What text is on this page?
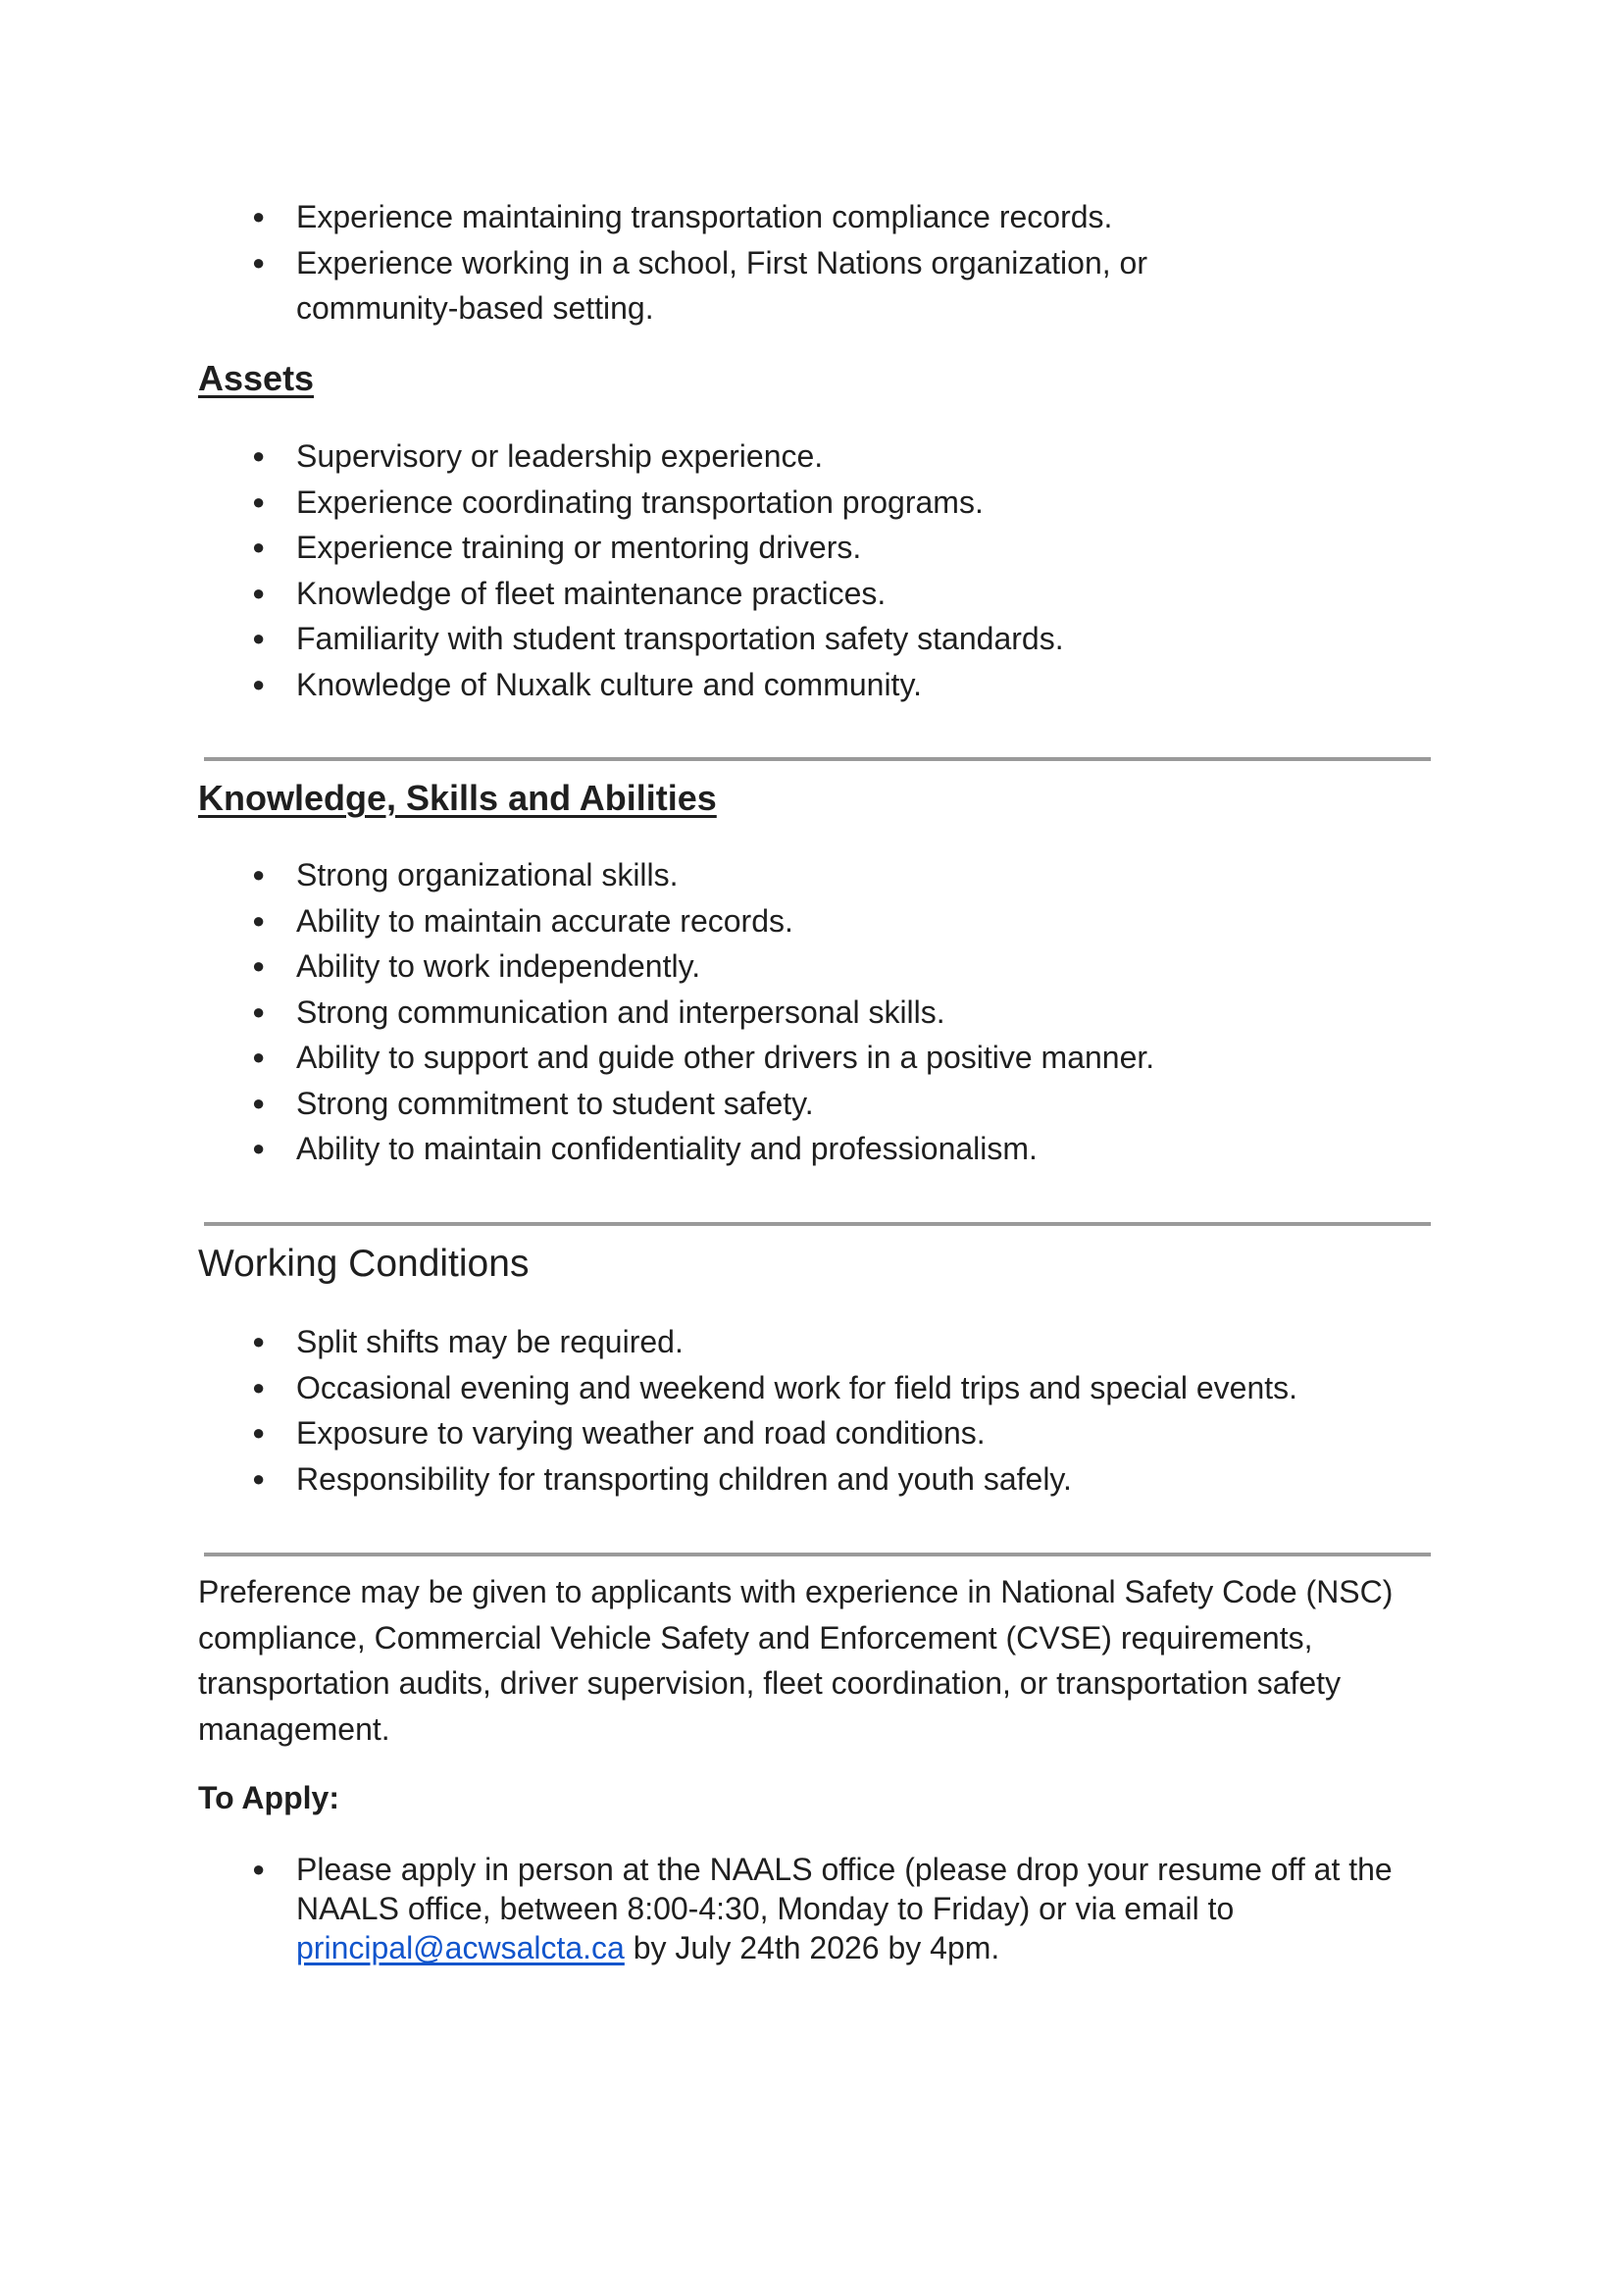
● Experience maintaining transportation compliance records.
● Experience working in a school, First Nations organization, or community-based setting.
Assets
● Supervisory or leadership experience.
● Experience coordinating transportation programs.
● Experience training or mentoring drivers.
● Knowledge of fleet maintenance practices.
● Familiarity with student transportation safety standards.
● Knowledge of Nuxalk culture and community.
Knowledge, Skills and Abilities
● Strong organizational skills.
● Ability to maintain accurate records.
● Ability to work independently.
● Strong communication and interpersonal skills.
● Ability to support and guide other drivers in a positive manner.
● Strong commitment to student safety.
● Ability to maintain confidentiality and professionalism.
Working Conditions
● Split shifts may be required.
● Occasional evening and weekend work for field trips and special events.
● Exposure to varying weather and road conditions.
● Responsibility for transporting children and youth safely.
Preference may be given to applicants with experience in National Safety Code (NSC) compliance, Commercial Vehicle Safety and Enforcement (CVSE) requirements, transportation audits, driver supervision, fleet coordination, or transportation safety management.
To Apply:
● Please apply in person at the NAALS office (please drop your resume off at the NAALS office, between 8:00-4:30, Monday to Friday) or via email to principal@acwsalcta.ca by July 24th 2026 by 4pm.
